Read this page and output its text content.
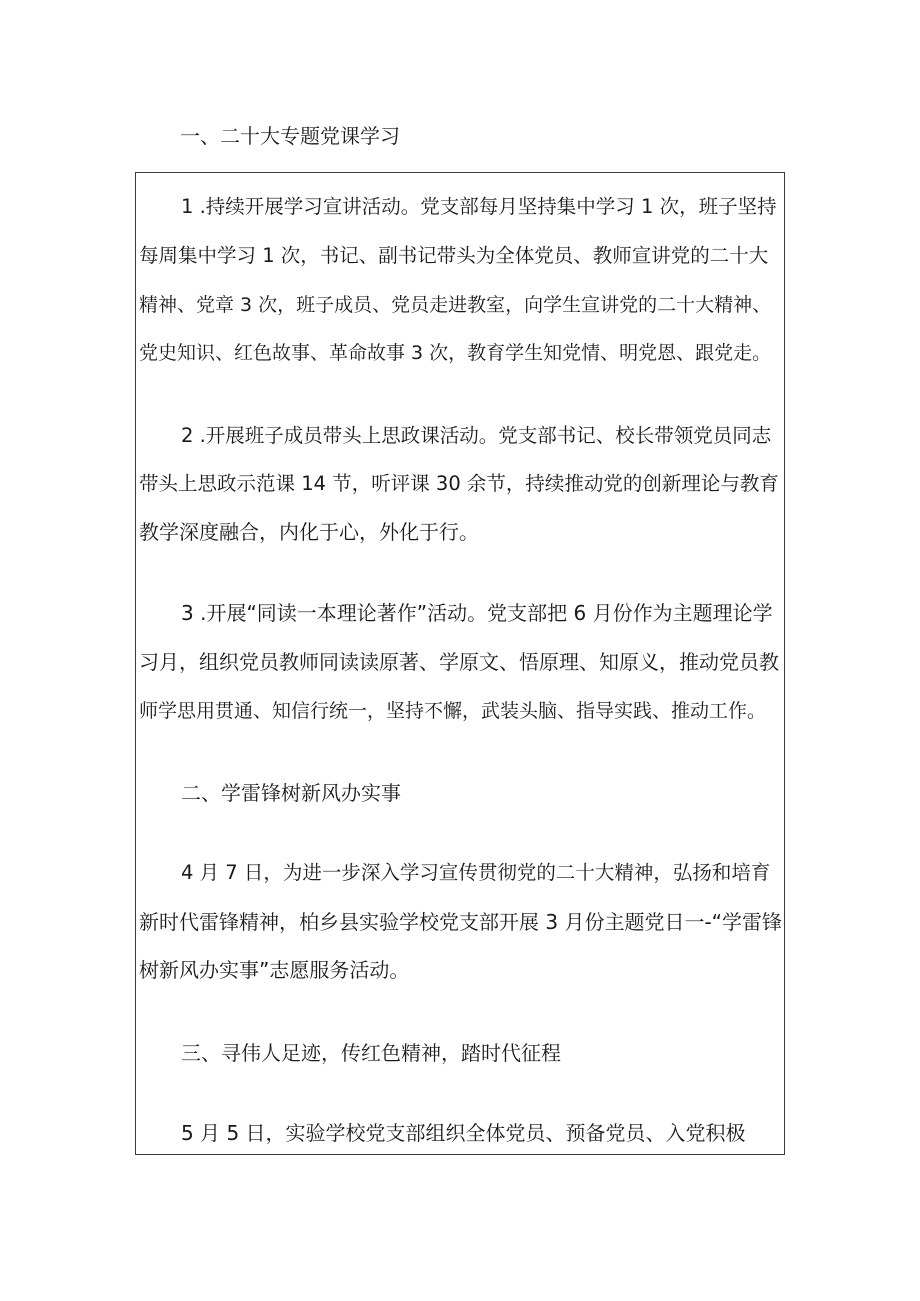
一、二十大专题党课学习
1 .持续开展学习宣讲活动。党支部每月坚持集中学习 1 次，班子坚持
每周集中学习 1 次，书记、副书记带头为全体党员、教师宣讲党的二十大
精神、党章 3 次，班子成员、党员走进教室，向学生宣讲党的二十大精神、
党史知识、红色故事、革命故事 3 次，教育学生知党情、明党恩、跟党走。
2 .开展班子成员带头上思政课活动。党支部书记、校长带领党员同志
带头上思政示范课 14 节，听评课 30 余节，持续推动党的创新理论与教育
教学深度融合，内化于心，外化于行。
3 .开展“同读一本理论著作”活动。党支部把 6 月份作为主题理论学
习月，组织党员教师同读读原著、学原文、悟原理、知原义，推动党员教
师学思用贯通、知信行统一，坚持不懈，武装头脑、指导实践、推动工作。
二、学雷锋树新风办实事
4 月 7 日，为进一步深入学习宣传贯彻党的二十大精神，弘扬和培育
新时代雷锋精神，柏乡县实验学校党支部开展 3 月份主题党日一-“学雷锋
树新风办实事”志愿服务活动。
三、寻伟人足迹，传红色精神，踏时代征程
5 月 5 日，实验学校党支部组织全体党员、预备党员、入党积极
